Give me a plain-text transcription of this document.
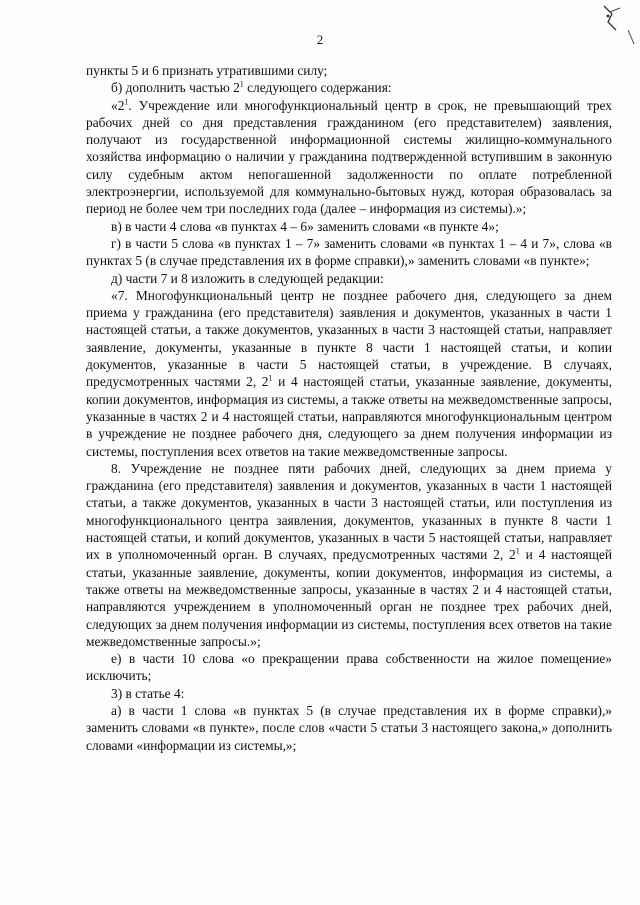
2

пункты 5 и 6 признать утратившими силу;

б) дополнить частью $2^1$ следующего содержания:

«$2^1$. Учреждение или многофункциональный центр в срок, не превышающий трех рабочих дней со дня представления гражданином (его представителем) заявления, получают из государственной информационной системы жилищно-коммунального хозяйства информацию о наличии у гражданина подтвержденной вступившим в законную силу судебным актом непогашенной задолженности по оплате потребленной электроэнергии, используемой для коммунально-бытовых нужд, которая образовалась за период не более чем три последних года (далее – информация из системы).»;

в) в части 4 слова «в пунктах 4 – 6» заменить словами «в пункте 4»;

г) в части 5 слова «в пунктах 1 – 7» заменить словами «в пунктах 1 – 4 и 7», слова «в пунктах 5 (в случае представления их в форме справки),» заменить словами «в пункте»;

д) части 7 и 8 изложить в следующей редакции:

«7. Многофункциональный центр не позднее рабочего дня, следующего за днем приема у гражданина (его представителя) заявления и документов, указанных в части 1 настоящей статьи, а также документов, указанных в части 3 настоящей статьи, направляет заявление, документы, указанные в пункте 8 части 1 настоящей статьи, и копии документов, указанные в части 5 настоящей статьи, в учреждение. В случаях, предусмотренных частями 2, $2^1$ и 4 настоящей статьи, указанные заявление, документы, копии документов, информация из системы, а также ответы на межведомственные запросы, указанные в частях 2 и 4 настоящей статьи, направляются многофункциональным центром в учреждение не позднее рабочего дня, следующего за днем получения информации из системы, поступления всех ответов на такие межведомственные запросы.

8. Учреждение не позднее пяти рабочих дней, следующих за днем приема у гражданина (его представителя) заявления и документов, указанных в части 1 настоящей статьи, а также документов, указанных в части 3 настоящей статьи, или поступления из многофункционального центра заявления, документов, указанных в пункте 8 части 1 настоящей статьи, и копий документов, указанных в части 5 настоящей статьи, направляет их в уполномоченный орган. В случаях, предусмотренных частями 2, $2^1$ и 4 настоящей статьи, указанные заявление, документы, копии документов, информация из системы, а также ответы на межведомственные запросы, указанные в частях 2 и 4 настоящей статьи, направляются учреждением в уполномоченный орган не позднее трех рабочих дней, следующих за днем получения информации из системы, поступления всех ответов на такие межведомственные запросы.»;

е) в части 10 слова «о прекращении права собственности на жилое помещение» исключить;

3) в статье 4:

а) в части 1 слова «в пунктах 5 (в случае представления их в форме справки),» заменить словами «в пункте», после слов «части 5 статьи 3 настоящего закона,» дополнить словами «информации из системы,»;
